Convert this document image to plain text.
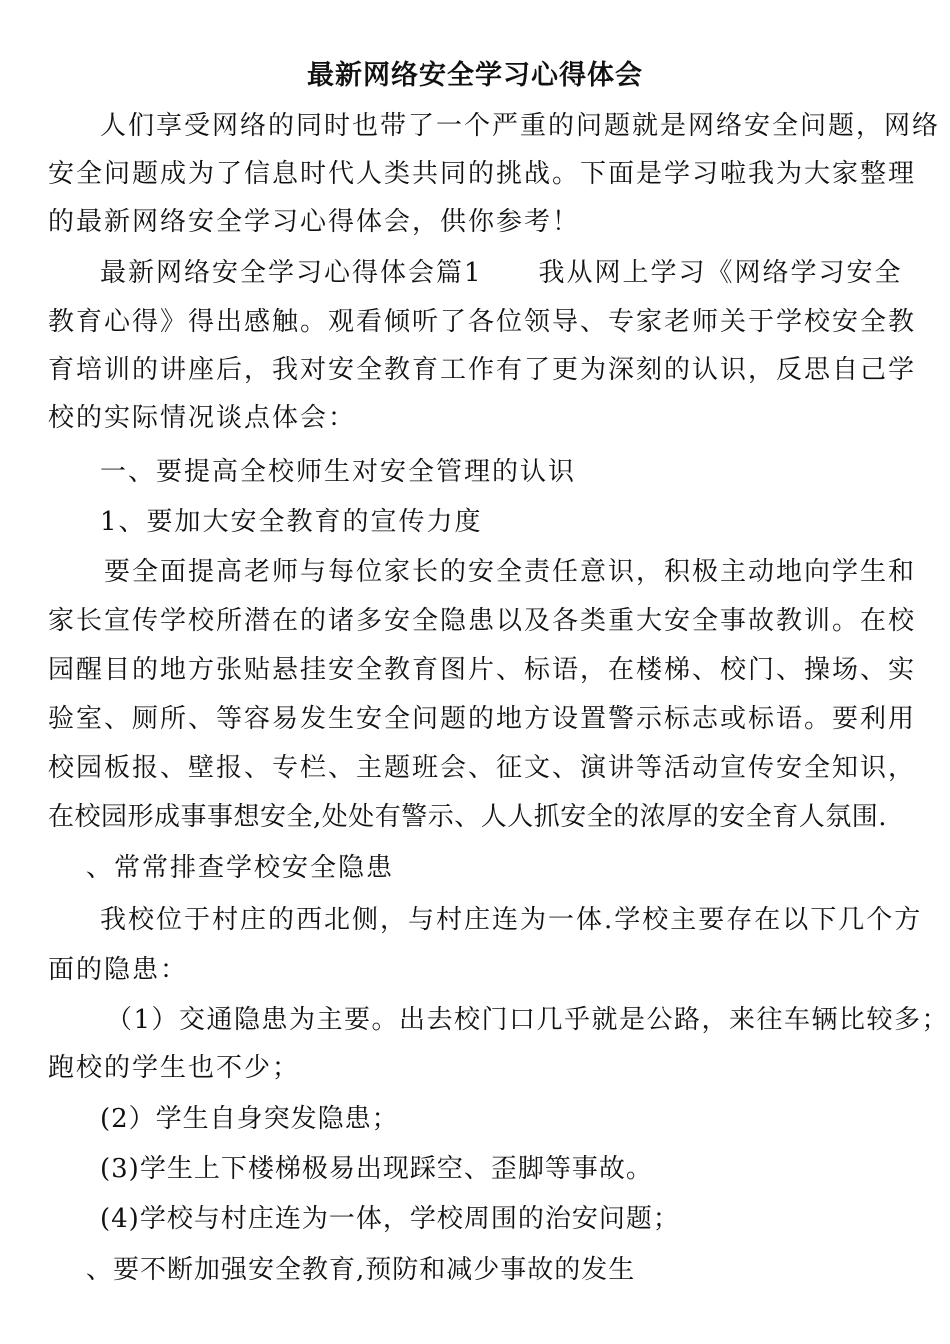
最新网络安全学习心得体会
人们享受网络的同时也带了一个严重的问题就是网络安全问题，网络
安全问题成为了信息时代人类共同的挑战。下面是学习啦我为大家整理
的最新网络安全学习心得体会，供你参考！
最新网络安全学习心得体会篇1　　我从网上学习《网络学习安全
教育心得》得出感触。观看倾听了各位领导、专家老师关于学校安全教
育培训的讲座后，我对安全教育工作有了更为深刻的认识，反思自己学
校的实际情况谈点体会：
一、要提高全校师生对安全管理的认识
1、要加大安全教育的宣传力度
要全面提高老师与每位家长的安全责任意识，积极主动地向学生和
家长宣传学校所潜在的诸多安全隐患以及各类重大安全事故教训。在校
园醒目的地方张贴悬挂安全教育图片、标语，在楼梯、校门、操场、实
验室、厕所、等容易发生安全问题的地方设置警示标志或标语。要利用
校园板报、壁报、专栏、主题班会、征文、演讲等活动宣传安全知识，
在校园形成事事想安全,处处有警示、人人抓安全的浓厚的安全育人氛围.
、常常排查学校安全隐患
我校位于村庄的西北侧，与村庄连为一体.学校主要存在以下几个方
面的隐患：
（1）交通隐患为主要。出去校门口几乎就是公路，来往车辆比较多；
跑校的学生也不少；
(2）学生自身突发隐患；
(3)学生上下楼梯极易出现踩空、歪脚等事故。
(4)学校与村庄连为一体，学校周围的治安问题；
、要不断加强安全教育,预防和减少事故的发生
